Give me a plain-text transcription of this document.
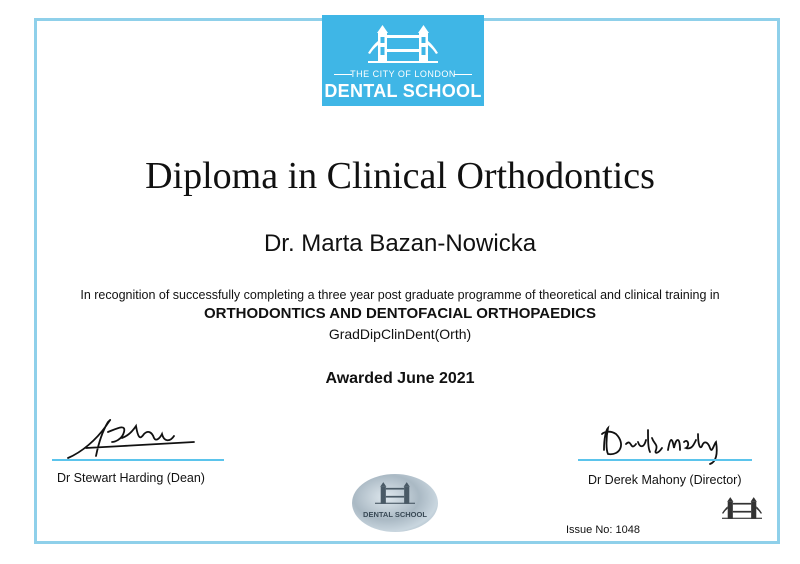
THE CITY OF LONDON
DENTAL SCHOOL
Diploma in Clinical Orthodontics
Dr. Marta Bazan-Nowicka
In recognition of successfully completing a three year post graduate programme of theoretical and clinical training in
ORTHODONTICS AND DENTOFACIAL ORTHOPAEDICS
GradDipClinDent(Orth)
Awarded June 2021
Dr Stewart Harding (Dean)	Dr Derek Mahony (Director)
DENTAL SCHOOL
Issue No: 1048
